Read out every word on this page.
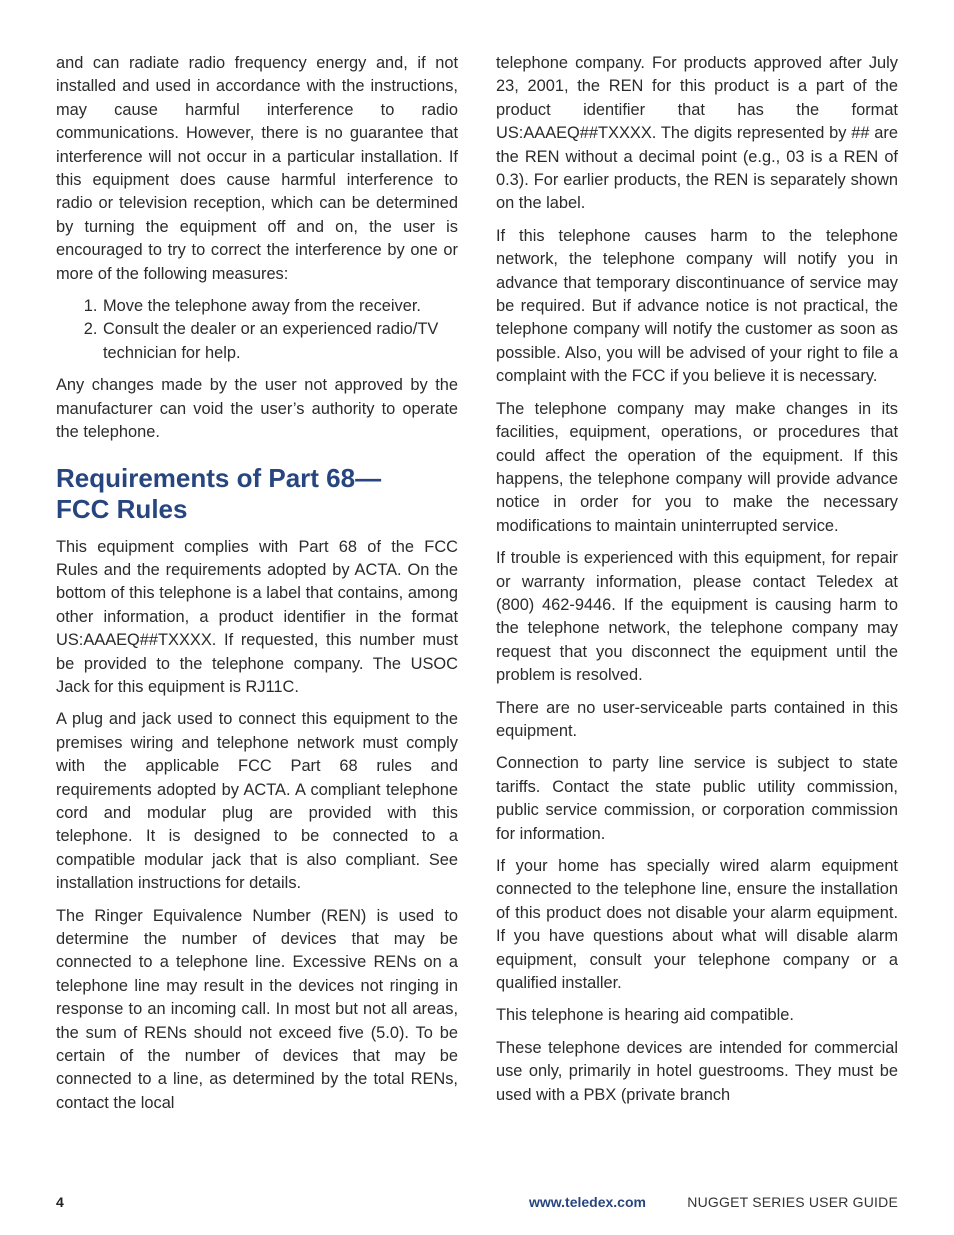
and can radiate radio frequency energy and, if not installed and used in accordance with the instructions, may cause harmful interference to radio communications. However, there is no guarantee that interference will not occur in a particular installation. If this equipment does cause harmful interference to radio or television reception, which can be determined by turning the equipment off and on, the user is encouraged to try to correct the interference by one or more of the following measures:

1. Move the telephone away from the receiver.
2. Consult the dealer or an experienced radio/TV technician for help.

Any changes made by the user not approved by the manufacturer can void the user’s authority to operate the telephone.

Requirements of Part 68—
FCC Rules

This equipment complies with Part 68 of the FCC Rules and the requirements adopted by ACTA. On the bottom of this telephone is a label that contains, among other information, a product identifier in the format US:AAAEQ##TXXXX. If requested, this number must be provided to the telephone company. The USOC Jack for this equipment is RJ11C.

A plug and jack used to connect this equipment to the premises wiring and telephone network must comply with the applicable FCC Part 68 rules and requirements adopted by ACTA. A compliant telephone cord and modular plug are provided with this telephone. It is designed to be connected to a compatible modular jack that is also compliant. See installation instructions for details.

The Ringer Equivalence Number (REN) is used to determine the number of devices that may be connected to a telephone line. Excessive RENs on a telephone line may result in the devices not ringing in response to an incoming call. In most but not all areas, the sum of RENs should not exceed five (5.0). To be certain of the number of devices that may be connected to a line, as determined by the total RENs, contact the local

telephone company. For products approved after July 23, 2001, the REN for this product is a part of the product identifier that has the format US:AAAEQ##TXXXX. The digits represented by ## are the REN without a decimal point (e.g., 03 is a REN of 0.3). For earlier products, the REN is separately shown on the label.

If this telephone causes harm to the telephone network, the telephone company will notify you in advance that temporary discontinuance of service may be required. But if advance notice is not practical, the telephone company will notify the customer as soon as possible. Also, you will be advised of your right to file a complaint with the FCC if you believe it is necessary.

The telephone company may make changes in its facilities, equipment, operations, or procedures that could affect the operation of the equipment. If this happens, the telephone company will provide advance notice in order for you to make the necessary modifications to maintain uninterrupted service.

If trouble is experienced with this equipment, for repair or warranty information, please contact Teledex at (800) 462-9446. If the equipment is causing harm to the telephone network, the telephone company may request that you disconnect the equipment until the problem is resolved.

There are no user-serviceable parts contained in this equipment.

Connection to party line service is subject to state tariffs. Contact the state public utility commission, public service commission, or corporation commission for information.

If your home has specially wired alarm equipment connected to the telephone line, ensure the installation of this product does not disable your alarm equipment. If you have questions about what will disable alarm equipment, consult your telephone company or a qualified installer.

This telephone is hearing aid compatible.

These telephone devices are intended for commercial use only, primarily in hotel guestrooms. They must be used with a PBX (private branch

4	www.teledex.com	NUGGET SERIES USER GUIDE
